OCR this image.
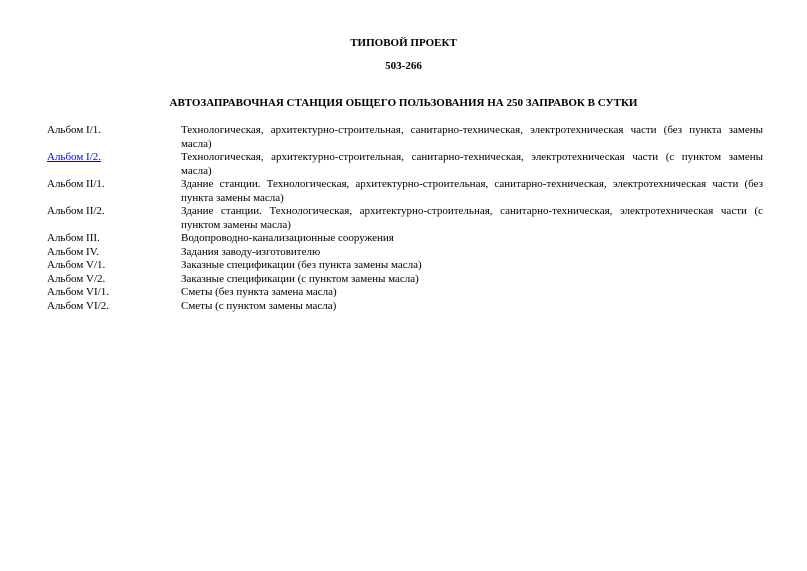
ТИПОВОЙ ПРОЕКТ
503-266
АВТОЗАПРАВОЧНАЯ СТАНЦИЯ ОБЩЕГО ПОЛЬЗОВАНИЯ НА 250 ЗАПРАВОК В СУТКИ
Альбом I/1.	Технологическая, архитектурно-строительная, санитарно-техническая, электротехническая части (без пункта замены масла)
Альбом I/2.	Технологическая, архитектурно-строительная, санитарно-техническая, электротехническая части (с пунктом замены масла)
Альбом II/1.	Здание станции. Технологическая, архитектурно-строительная, санитарно-техническая, электротехническая части (без пункта замены масла)
Альбом II/2.	Здание станции. Технологическая, архитектурно-строительная, санитарно-техническая, электротехническая части (с пунктом замены масла)
Альбом III.	Водопроводно-канализационные сооружения
Альбом IV.	Задания заводу-изготовителю
Альбом V/1.	Заказные спецификации (без пункта замены масла)
Альбом V/2.	Заказные спецификации (с пунктом замены масла)
Альбом VI/1.	Сметы (без пункта замена масла)
Альбом VI/2.	Сметы (с пунктом замены масла)
